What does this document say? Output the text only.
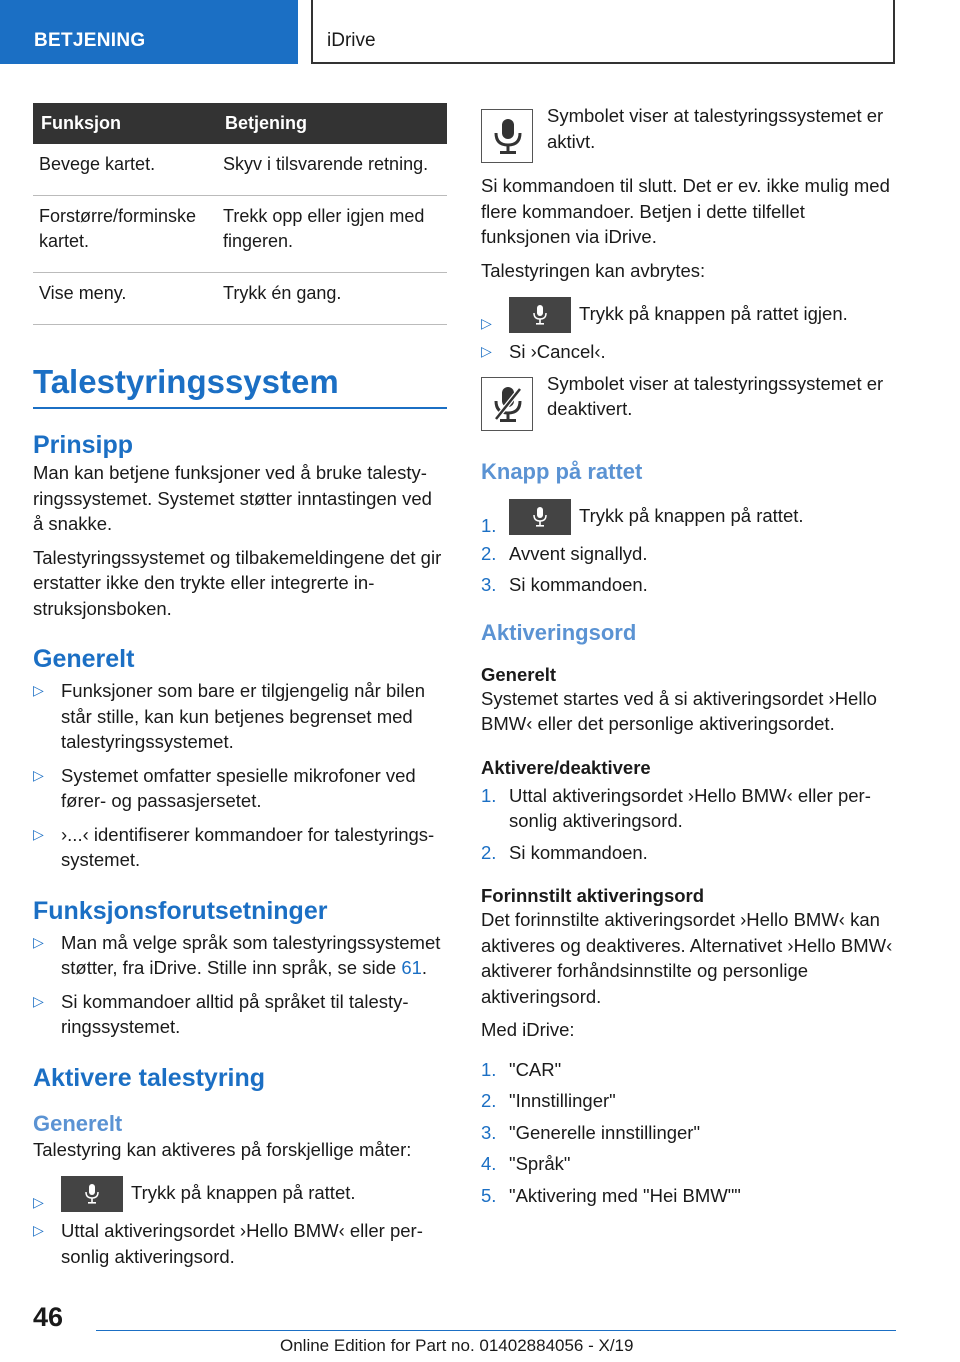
BETJENING	iDrive
Funksjon	Betjening
Bevege kartet.	Skyv i tilsvarende retning.
Forstørre/forminske kartet.	Trekk opp eller igjen med fingeren.
Vise meny.	Trykk én gang.
Talestyringssystem
Prinsipp

Man kan betjene funksjoner ved å bruke talestyringssystemet. Systemet støtter inntastingen ved å snakke.

Talestyringssystemet og tilbakemeldingene det gir erstatter ikke den trykte eller integrerte instruksjonsboken.

Generelt
▷ Funksjoner som bare er tilgjengelig når bilen står stille, kan kun betjenes begrenset med talestyringssystemet.
▷ Systemet omfatter spesielle mikrofoner ved fører- og passasjersetet.
▷ ›...‹ identifiserer kommandoer for talestyringssystemet.
Funksjonsforutsetninger
▷ Man må velge språk som talestyringssystemet støtter, fra iDrive. Stille inn språk, se side 61.
▷ Si kommandoer alltid på språket til talestyringssystemet.
Aktivere talestyring
Generelt

Talestyring kan aktiveres på forskjellige måter:

▷	Trykk på knappen på rattet.
▷ Uttal aktiveringsordet ›Hello BMW‹ eller personlig aktiveringsord.

Symbolet viser at talestyringssystemet er aktivt.

Si kommandoen til slutt. Det er ev. ikke mulig med flere kommandoer. Betjen i dette tilfellet funksjonen via iDrive.

Talestyringen kan avbrytes:

▷	Trykk på knappen på rattet igjen.
▷ Si ›Cancel‹.

Symbolet viser at talestyringssystemet er deaktivert.

Knapp på rattet
1.	Trykk på knappen på rattet.
2. Avvent signallyd.
3. Si kommandoen.
Aktiveringsord
Generelt

Systemet startes ved å si aktiveringsordet ›Hello BMW‹ eller det personlige aktiveringsordet.

Aktivere/deaktivere
1. Uttal aktiveringsordet ›Hello BMW‹ eller personlig aktiveringsord.
2. Si kommandoen.
Forinnstilt aktiveringsord

Det forinnstilte aktiveringsordet ›Hello BMW‹ kan aktiveres og deaktiveres. Alternativet ›Hello BMW‹ aktiverer forhåndsinnstilte og personlige aktiveringsord.

Med iDrive:

1. "CAR"
2. "Innstillinger"
3. "Generelle innstillinger"
4. "Språk"
5. "Aktivering med "Hei BMW""
46
Online Edition for Part no. 01402884056 - X/19
